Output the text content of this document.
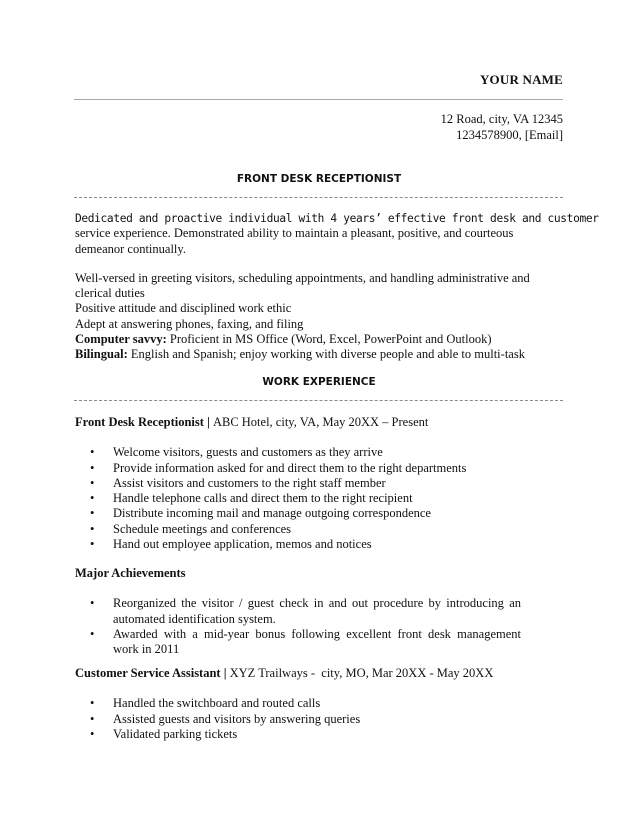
YOUR NAME
12 Road, city, VA 12345
1234578900, [Email]
FRONT DESK RECEPTIONIST
Dedicated and proactive individual with 4 years’ effective front desk and customer
service experience. Demonstrated ability to maintain a pleasant, positive, and courteous demeanor continually.
Well-versed in greeting visitors, scheduling appointments, and handling administrative and clerical duties
Positive attitude and disciplined work ethic
Adept at answering phones, faxing, and filing
Computer savvy: Proficient in MS Office (Word, Excel, PowerPoint and Outlook)
Bilingual: English and Spanish; enjoy working with diverse people and able to multi-task
WORK EXPERIENCE
Front Desk Receptionist | ABC Hotel, city, VA, May 20XX – Present
• Welcome visitors, guests and customers as they arrive
• Provide information asked for and direct them to the right departments
• Assist visitors and customers to the right staff member
• Handle telephone calls and direct them to the right recipient
• Distribute incoming mail and manage outgoing correspondence
• Schedule meetings and conferences
• Hand out employee application, memos and notices
Major Achievements
• Reorganized the visitor / guest check in and out procedure by introducing an automated identification system.
• Awarded with a mid-year bonus following excellent front desk management work in 2011
Customer Service Assistant | XYZ Trailways -  city, MO, Mar 20XX - May 20XX
• Handled the switchboard and routed calls
• Assisted guests and visitors by answering queries
• Validated parking tickets
